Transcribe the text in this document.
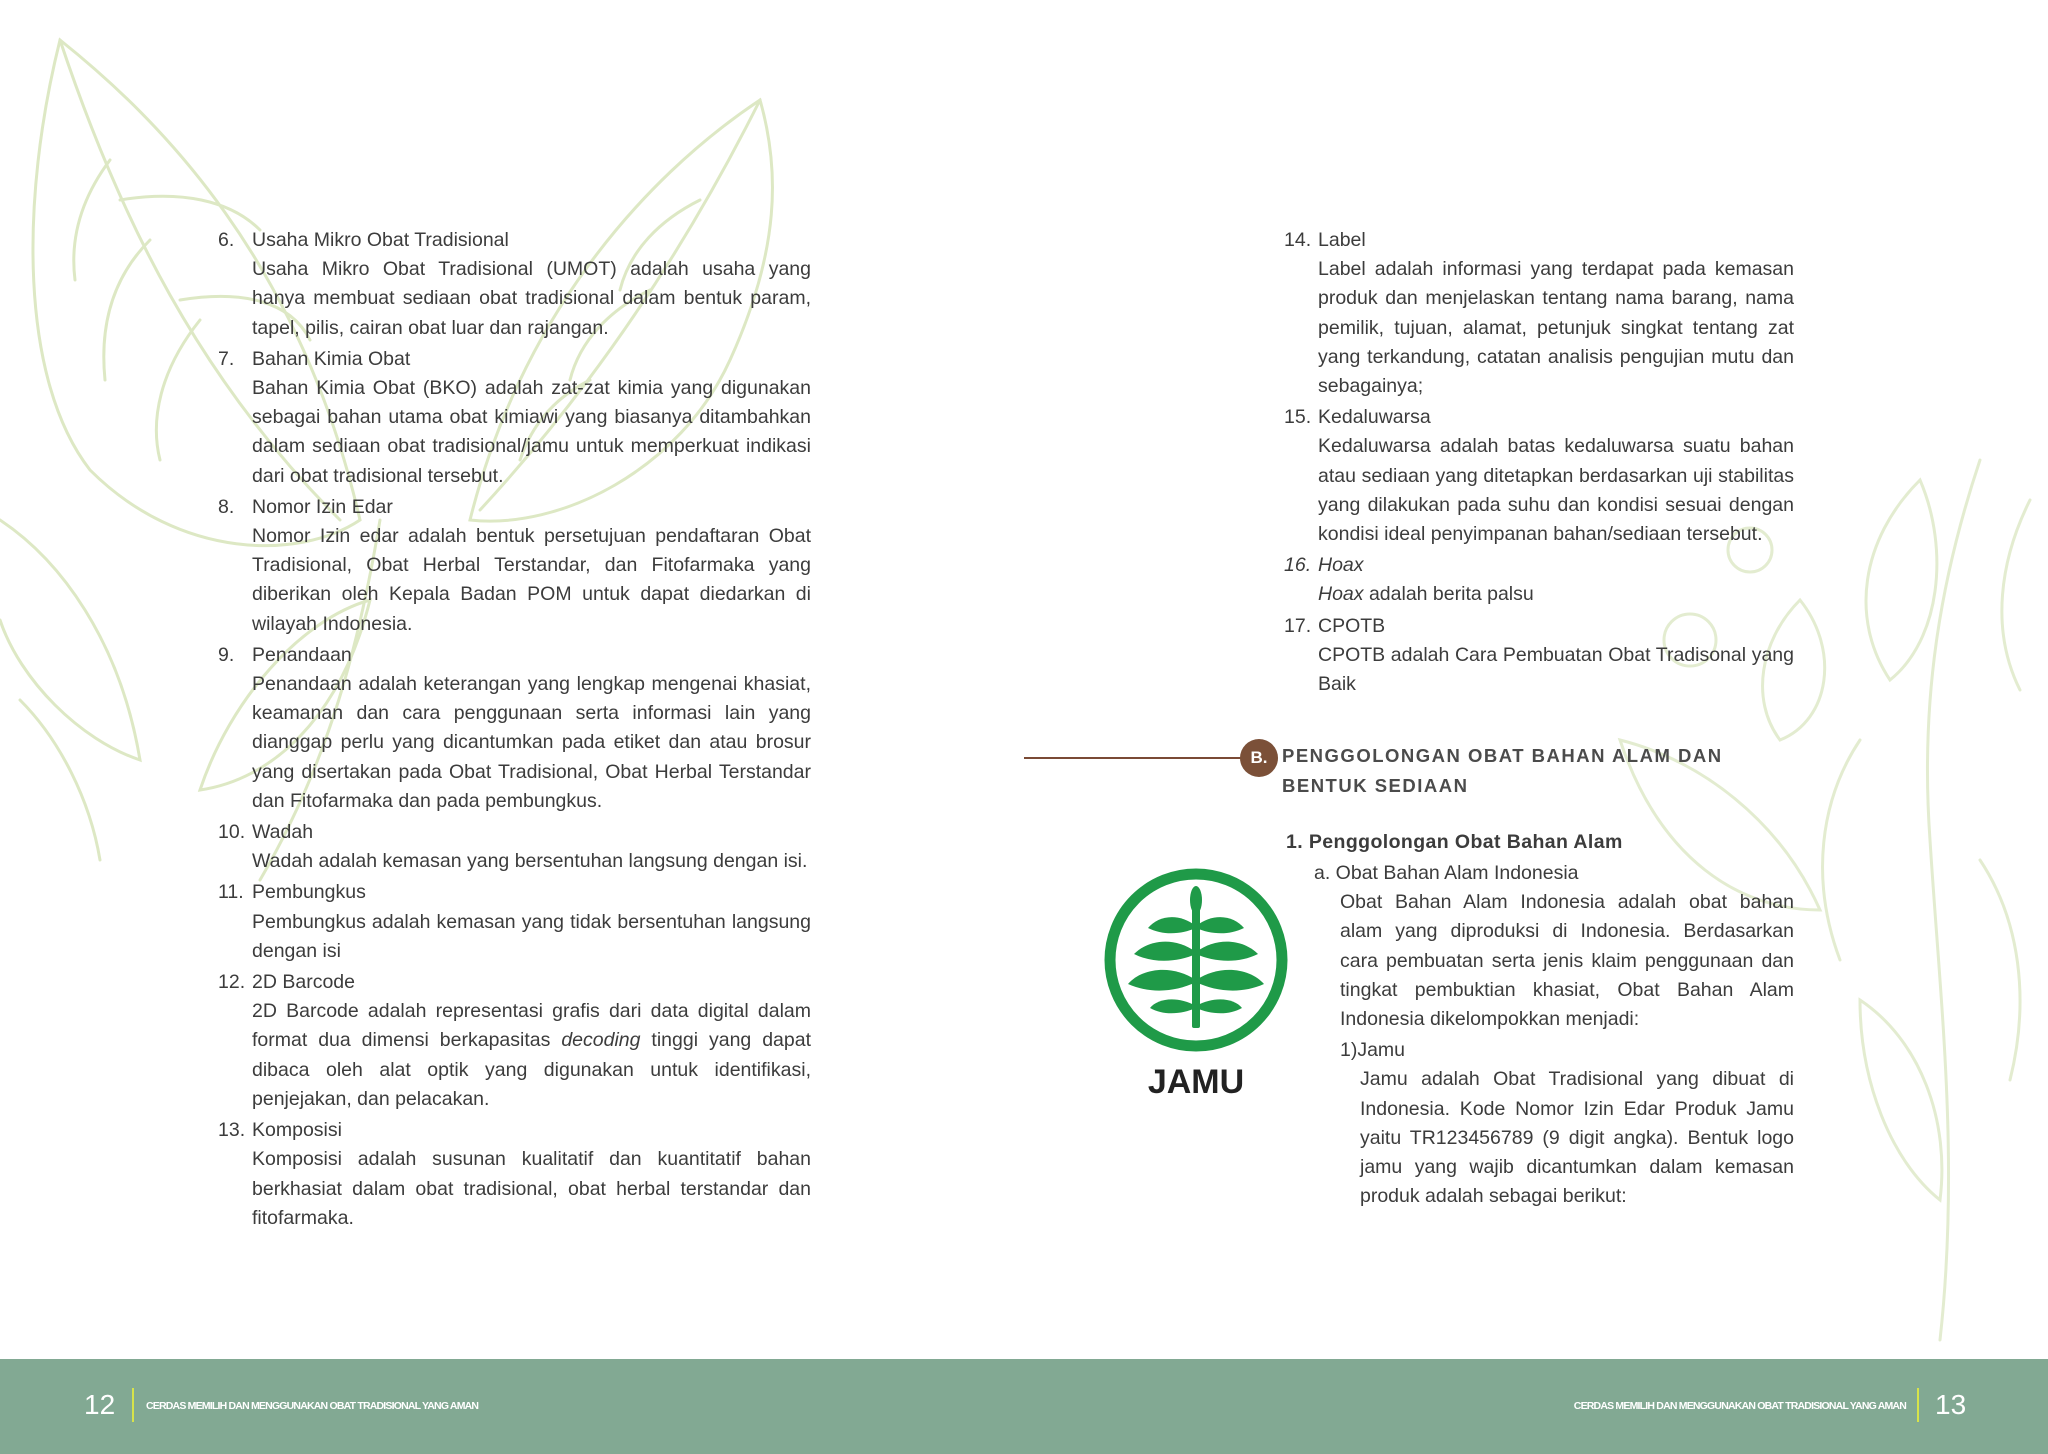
6. Usaha Mikro Obat Tradisional
Usaha Mikro Obat Tradisional (UMOT) adalah usaha yang hanya membuat sediaan obat tradisional dalam bentuk param, tapel, pilis, cairan obat luar dan rajangan.
7. Bahan Kimia Obat
Bahan Kimia Obat (BKO) adalah zat-zat kimia yang digunakan sebagai bahan utama obat kimiawi yang biasanya ditambahkan dalam sediaan obat tradisional/jamu untuk memperkuat indikasi dari obat tradisional tersebut.
8. Nomor Izin Edar
Nomor Izin edar adalah bentuk persetujuan pendaftaran Obat Tradisional, Obat Herbal Terstandar, dan Fitofarmaka yang diberikan oleh Kepala Badan POM untuk dapat diedarkan di wilayah Indonesia.
9. Penandaan
Penandaan adalah keterangan yang lengkap mengenai khasiat, keamanan dan cara penggunaan serta informasi lain yang dianggap perlu yang dicantumkan pada etiket dan atau brosur yang disertakan pada Obat Tradisional, Obat Herbal Terstandar dan Fitofarmaka dan pada pembungkus.
10. Wadah
Wadah adalah kemasan yang bersentuhan langsung dengan isi.
11. Pembungkus
Pembungkus adalah kemasan yang tidak bersentuhan langsung dengan isi
12. 2D Barcode
2D Barcode adalah representasi grafis dari data digital dalam format dua dimensi berkapasitas decoding tinggi yang dapat dibaca oleh alat optik yang digunakan untuk identifikasi, penjejakan, dan pelacakan.
13. Komposisi
Komposisi adalah susunan kualitatif dan kuantitatif bahan berkhasiat dalam obat tradisional, obat herbal terstandar dan fitofarmaka.
14. Label
Label adalah informasi yang terdapat pada kemasan produk dan menjelaskan tentang nama barang, nama pemilik, tujuan, alamat, petunjuk singkat tentang zat yang terkandung, catatan analisis pengujian mutu dan sebagainya;
15. Kedaluwarsa
Kedaluwarsa adalah batas kedaluwarsa suatu bahan atau sediaan yang ditetapkan berdasarkan uji stabilitas yang dilakukan pada suhu dan kondisi sesuai dengan kondisi ideal penyimpanan bahan/sediaan tersebut.
16. Hoax
Hoax adalah berita palsu
17. CPOTB
CPOTB adalah Cara Pembuatan Obat Tradisonal yang Baik
B. PENGGOLONGAN OBAT BAHAN ALAM DAN BENTUK SEDIAAN
1. Penggolongan Obat Bahan Alam
JAMU
a. Obat Bahan Alam Indonesia
Obat Bahan Alam Indonesia adalah obat bahan alam yang diproduksi di Indonesia. Berdasarkan cara pembuatan serta jenis klaim penggunaan dan tingkat pembuktian khasiat, Obat Bahan Alam Indonesia dikelompokkan menjadi:
1)Jamu
Jamu adalah Obat Tradisional yang dibuat di Indonesia. Kode Nomor Izin Edar Produk Jamu yaitu TR123456789 (9 digit angka). Bentuk logo jamu yang wajib dicantumkan dalam kemasan produk adalah sebagai berikut:
12	CERDAS MEMILIH DAN MENGGUNAKAN OBAT TRADISIONAL YANG AMAN	CERDAS MEMILIH DAN MENGGUNAKAN OBAT TRADISIONAL YANG AMAN 13
